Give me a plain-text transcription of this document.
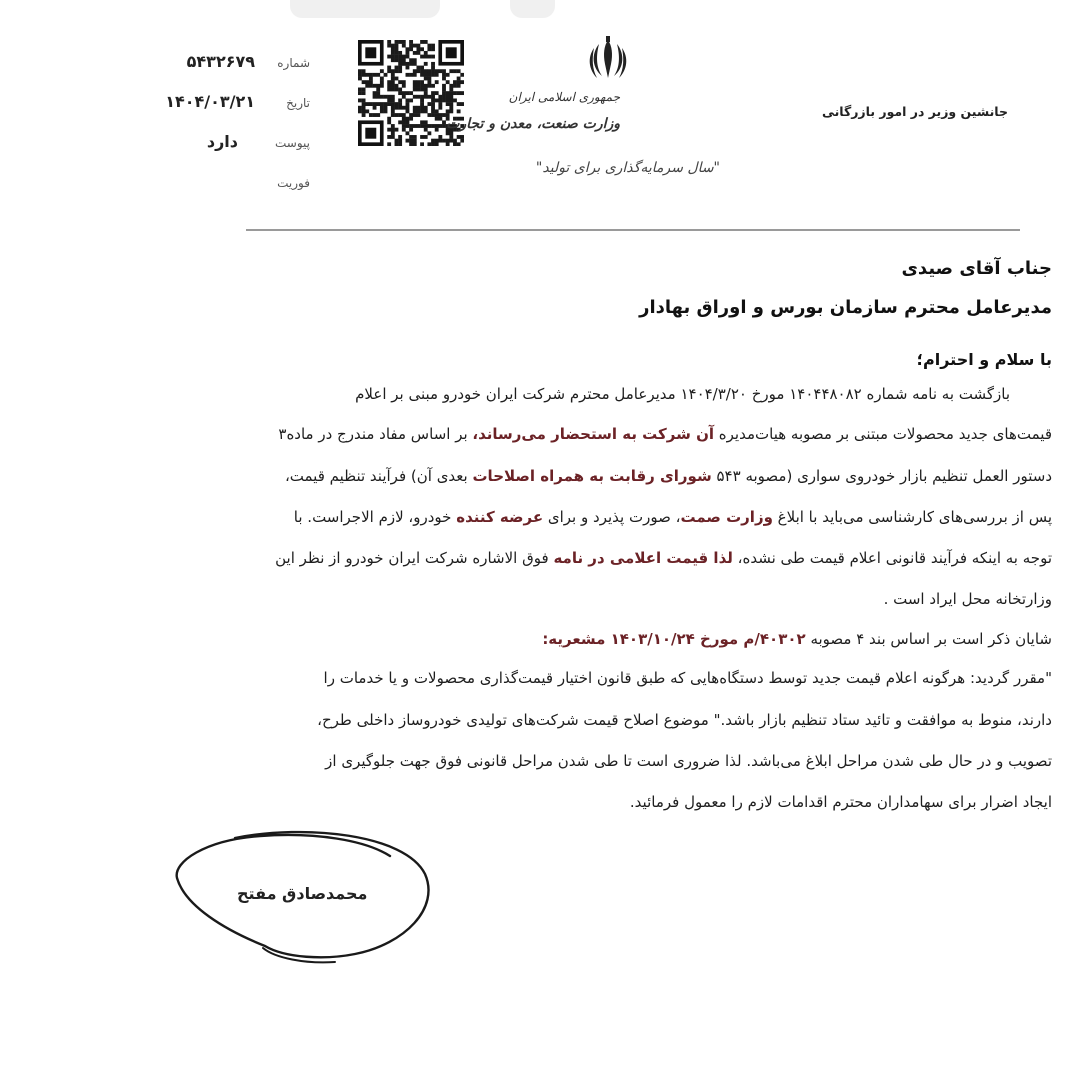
شماره
۵۴۳۲۶۷۹
تاریخ
۱۴۰۴/۰۳/۲۱
پیوست
دارد
فوریت
جمهوری اسلامی ایران
وزارت صنعت، معدن و تجارت
"سال سرمایه‌گذاری برای تولید"
جانشین وزیر در امور بازرگانی
جناب آقای صیدی
مدیرعامل محترم سازمان بورس و اوراق بهادار
با سلام و احترام؛
بازگشت به نامه شماره ۱۴۰۴۴۸۰۸۲ مورخ ۱۴۰۴/۳/۲۰ مدیرعامل محترم شرکت ایران خودرو مبنی بر اعلام
قیمت‌های جدید محصولات مبتنی بر مصوبه هیات‌مدیره آن شرکت به استحضار می‌رساند، بر اساس مفاد مندرج در ماده۳
دستور العمل تنظیم بازار خودروی سواری (مصوبه ۵۴۳ شورای رقابت به همراه اصلاحات بعدی آن) فرآیند تنظیم قیمت،
پس از بررسی‌های کارشناسی می‌باید با ابلاغ وزارت صمت، صورت پذیرد و برای عرضه کننده خودرو، لازم الاجراست. با
توجه به اینکه فرآیند قانونی اعلام قیمت طی نشده، لذا قیمت اعلامی در نامه فوق الاشاره شرکت ایران خودرو از نظر این
وزارتخانه محل ایراد است .
شایان ذکر است بر اساس بند ۴ مصوبه ۴۰۳۰۲/م مورخ ۱۴۰۳/۱۰/۲۴ مشعریه:
"مقرر گردید: هرگونه اعلام قیمت جدید توسط دستگاه‌هایی که طبق قانون اختیار قیمت‌گذاری محصولات و یا خدمات را
دارند، منوط به موافقت و تائید ستاد تنظیم بازار باشد." موضوع اصلاح قیمت شرکت‌های تولیدی خودروساز داخلی طرح،
تصویب و در حال طی شدن مراحل ابلاغ می‌باشد. لذا ضروری است تا طی شدن مراحل قانونی فوق جهت جلوگیری از
ایجاد اضرار برای سهامداران محترم اقدامات لازم را معمول فرمائید.
محمدصادق مفتح
